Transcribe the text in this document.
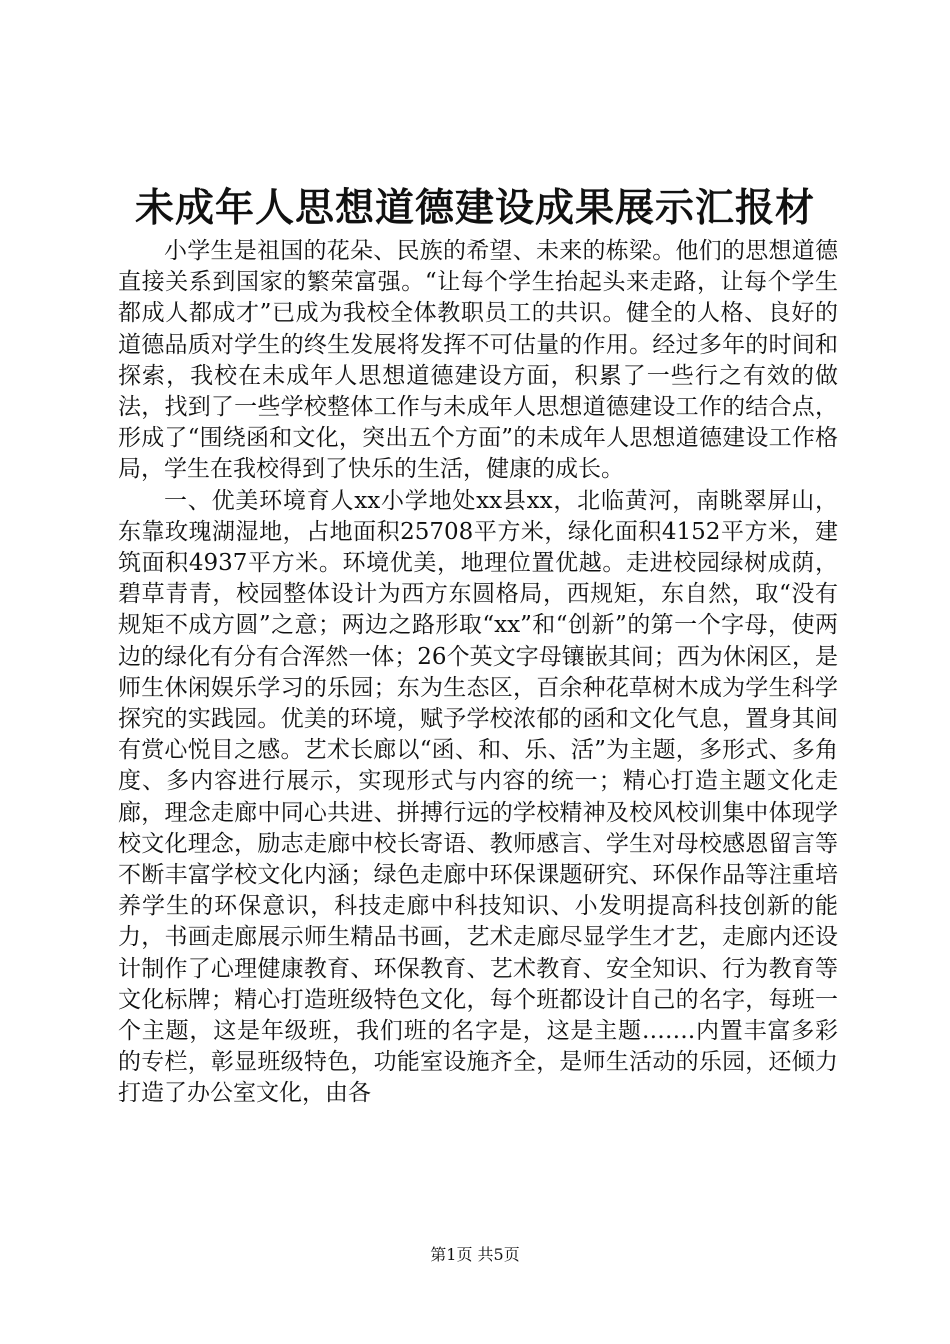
未成年人思想道德建设成果展示汇报材

小学生是祖国的花朵、民族的希望、未来的栋梁。他们的思想道德直接关系到国家的繁荣富强。“让每个学生抬起头来走路，让每个学生都成人都成才”已成为我校全体教职员工的共识。健全的人格、良好的道德品质对学生的终生发展将发挥不可估量的作用。经过多年的时间和探索，我校在未成年人思想道德建设方面，积累了一些行之有效的做法，找到了一些学校整体工作与未成年人思想道德建设工作的结合点，形成了“围绕函和文化，突出五个方面”的未成年人思想道德建设工作格局，学生在我校得到了快乐的生活，健康的成长。

一、优美环境育人xx小学地处xx县xx，北临黄河，南眺翠屏山，东靠玫瑰湖湿地，占地面积25708平方米，绿化面积4152平方米，建筑面积4937平方米。环境优美，地理位置优越。走进校园绿树成荫，碧草青青，校园整体设计为西方东圆格局，西规矩，东自然，取“没有规矩不成方圆”之意；两边之路形取“xx”和“创新”的第一个字母，使两边的绿化有分有合浑然一体；26个英文字母镶嵌其间；西为休闲区，是师生休闲娱乐学习的乐园；东为生态区，百余种花草树木成为学生科学探究的实践园。优美的环境，赋予学校浓郁的函和文化气息，置身其间有赏心悦目之感。艺术长廊以“函、和、乐、活”为主题，多形式、多角度、多内容进行展示，实现形式与内容的统一；精心打造主题文化走廊，理念走廊中同心共进、拼搏行远的学校精神及校风校训集中体现学校文化理念，励志走廊中校长寄语、教师感言、学生对母校感恩留言等不断丰富学校文化内涵；绿色走廊中环保课题研究、环保作品等注重培养学生的环保意识，科技走廊中科技知识、小发明提高科技创新的能力，书画走廊展示师生精品书画，艺术走廊尽显学生才艺，走廊内还设计制作了心理健康教育、环保教育、艺术教育、安全知识、行为教育等文化标牌；精心打造班级特色文化，每个班都设计自己的名字，每班一个主题，这是年级班，我们班的名字是，这是主题…….内置丰富多彩的专栏，彰显班级特色，功能室设施齐全，是师生活动的乐园，还倾力打造了办公室文化，由各

第1页 共5页
